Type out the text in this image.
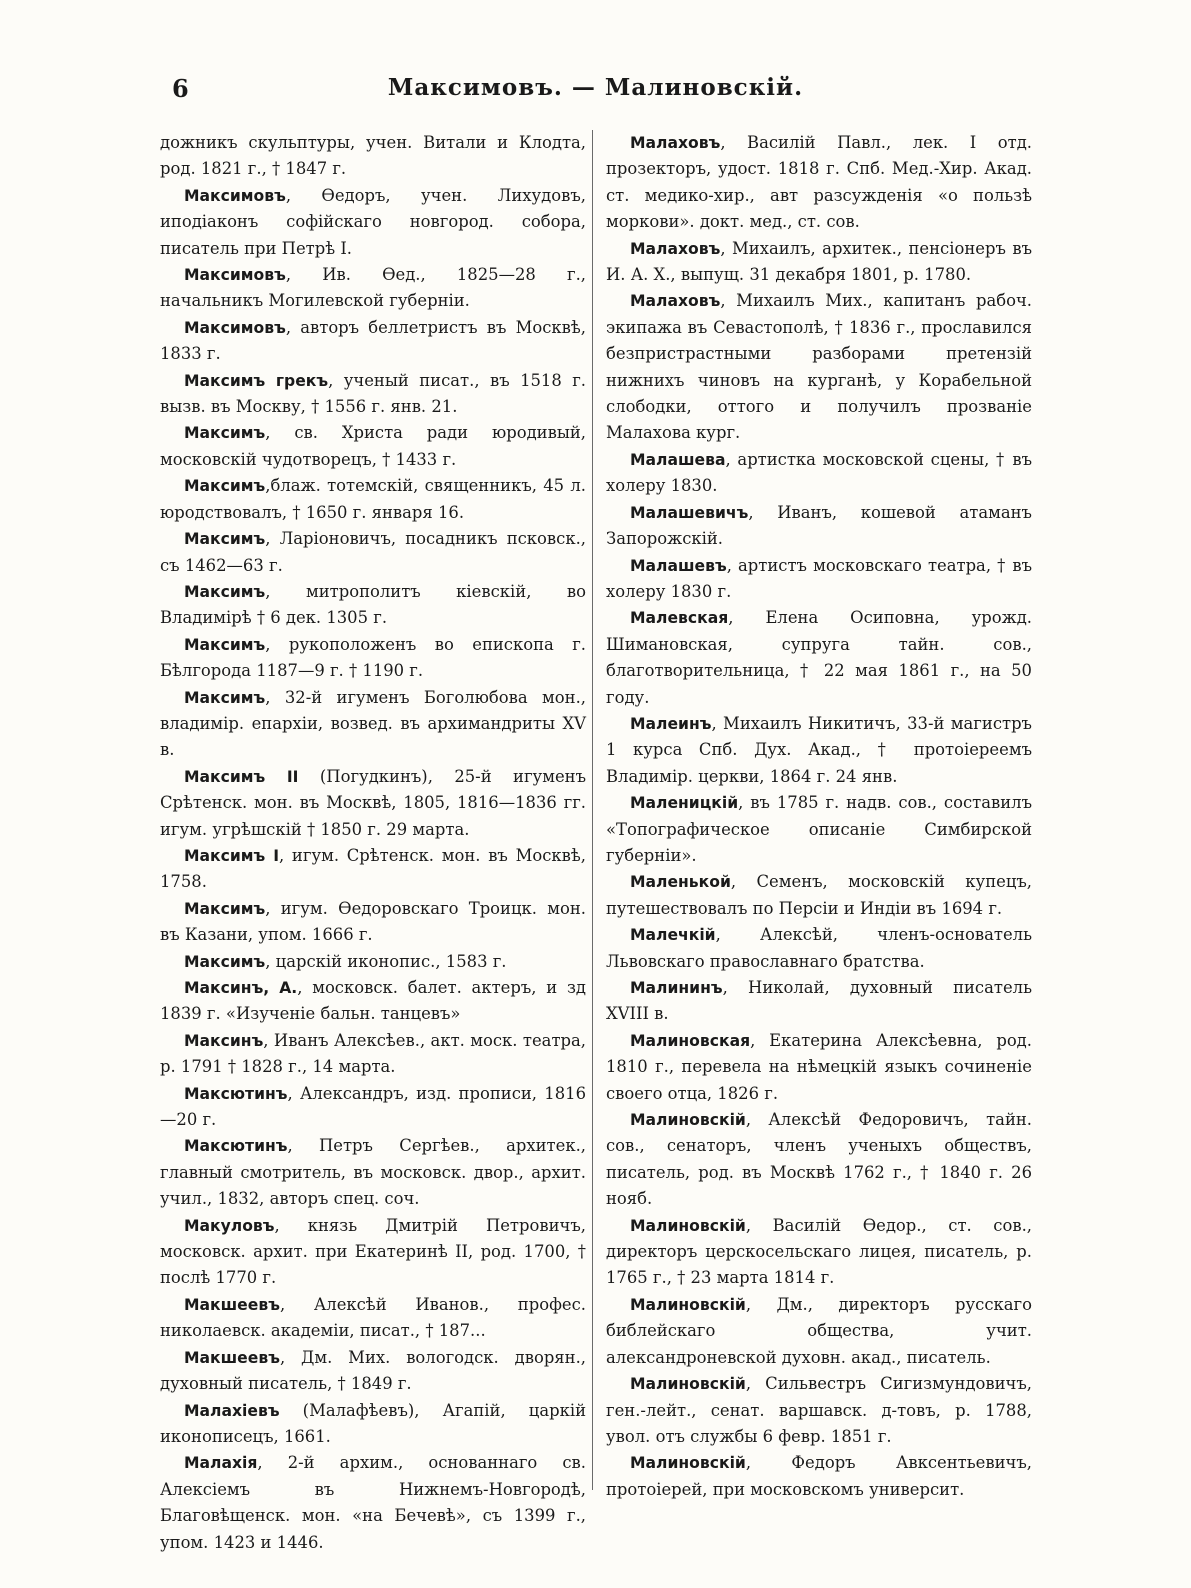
6	Максимовъ. — Малиновскій.

дожникъ скульптуры, учен. Витали и Клодта, род. 1821 г., † 1847 г.

Максимовъ, Өедоръ, учен. Лихудовъ, иподіаконъ софійскаго новгород. собора, писатель при Петрѣ I.

Максимовъ, Ив. Өед., 1825—28 г., начальникъ Могилевской губерніи.

Максимовъ, авторъ беллетристъ въ Москвѣ, 1833 г.

Максимъ грекъ, ученый писат., въ 1518 г. вызв. въ Москву, † 1556 г. янв. 21.

Максимъ, св. Христа ради юродивый, московскій чудотворецъ, † 1433 г.

Максимъ,блаж. тотемскій, священникъ, 45 л. юродствовалъ, † 1650 г. января 16.

Максимъ, Ларіоновичъ, посадникъ псковск., съ 1462—63 г.

Максимъ, митрополитъ кіевскій, во Владимірѣ † 6 дек. 1305 г.

Максимъ, рукоположенъ во епископа г. Бѣлгорода 1187—9 г. † 1190 г.

Максимъ, 32-й игуменъ Боголюбова мон., владимір. епархіи, возвед. въ архимандриты XV в.

Максимъ II (Погудкинъ), 25-й игуменъ Срѣтенск. мон. въ Москвѣ, 1805, 1816—1836 гг. игум. угрѣшскій † 1850 г. 29 марта.

Максимъ I, игум. Срѣтенск. мон. въ Москвѣ, 1758.

Максимъ, игум. Өедоровскаго Троицк. мон. въ Казани, упом. 1666 г.

Максимъ, царскій иконопис., 1583 г.

Максинъ, А., московск. балет. актеръ, и зд 1839 г. «Изученіе бальн. танцевъ»

Максинъ, Иванъ Алексѣев., акт. моск. театра, р. 1791 † 1828 г., 14 марта.

Максютинъ, Александръ, изд. прописи, 1816—20 г.

Максютинъ, Петръ Сергѣев., архитек., главный смотритель, въ московск. двор., архит. учил., 1832, авторъ спец. соч.

Макуловъ, князь Дмитрій Петровичъ, московск. архит. при Екатеринѣ II, род. 1700, † послѣ 1770 г.

Макшеевъ, Алексѣй Иванов., профес. николаевск. академіи, писат., † 187...

Макшеевъ, Дм. Мих. вологодск. дворян., духовный писатель, † 1849 г.

Малахіевъ (Малафѣевъ), Агапій, царкій иконописецъ, 1661.

Малахія, 2-й архим., основаннаго св. Алексіемъ въ Нижнемъ-Новгородѣ, Благовѣщенск. мон. «на Бечевѣ», съ 1399 г., упом. 1423 и 1446.

Малаховъ, Василій Павл., лек. I отд. прозекторъ, удост. 1818 г. Спб. Мед.-Хир. Акад. ст. медико-хир., авт разсужденія «о пользѣ моркови». докт. мед., ст. сов.

Малаховъ, Михаилъ, архитек., пенсіонеръ въ И. А. Х., выпущ. 31 декабря 1801, р. 1780.

Малаховъ, Михаилъ Мих., капитанъ рабоч. экипажа въ Севастополѣ, † 1836 г., прославился безпристрастными разборами претензій нижнихъ чиновъ на курганѣ, у Корабельной слободки, оттого и получилъ прозваніе Малахова кург.

Малашева, артистка московской сцены, † въ холеру 1830.

Малашевичъ, Иванъ, кошевой атаманъ Запорожскій.

Малашевъ, артистъ московскаго театра, † въ холеру 1830 г.

Малевская, Елена Осиповна, урожд. Шимановская, супруга тайн. сов., благотворительница, † 22 мая 1861 г., на 50 году.

Малеинъ, Михаилъ Никитичъ, 33-й магистръ 1 курса Спб. Дух. Акад., † протоіереемъ Владимір. церкви, 1864 г. 24 янв.

Маленицкій, въ 1785 г. надв. сов., составилъ «Топографическое описаніе Симбирской губерніи».

Маленькой, Семенъ, московскій купецъ, путешествовалъ по Персіи и Индіи въ 1694 г.

Малечкій, Алексѣй, членъ-основатель Львовскаго православнаго братства.

Малининъ, Николай, духовный писатель XVIII в.

Малиновская, Екатерина Алексѣевна, род. 1810 г., перевела на нѣмецкій языкъ сочиненіе своего отца, 1826 г.

Малиновскій, Алексѣй Федоровичъ, тайн. сов., сенаторъ, членъ ученыхъ обществъ, писатель, род. въ Москвѣ 1762 г., † 1840 г. 26 нояб.

Малиновскій, Василій Өедор., ст. сов., директоръ церскосельскаго лицея, писатель, р. 1765 г., † 23 марта 1814 г.

Малиновскій, Дм., директоръ русскаго библейскаго общества, учит. александроневской духовн. акад., писатель.

Малиновскій, Сильвестръ Сигизмундовичъ, ген.-лейт., сенат. варшавск. д-товъ, р. 1788, увол. отъ службы 6 февр. 1851 г.

Малиновскій, Федоръ Авксентьевичъ, протоіерей, при московскомъ университ.
